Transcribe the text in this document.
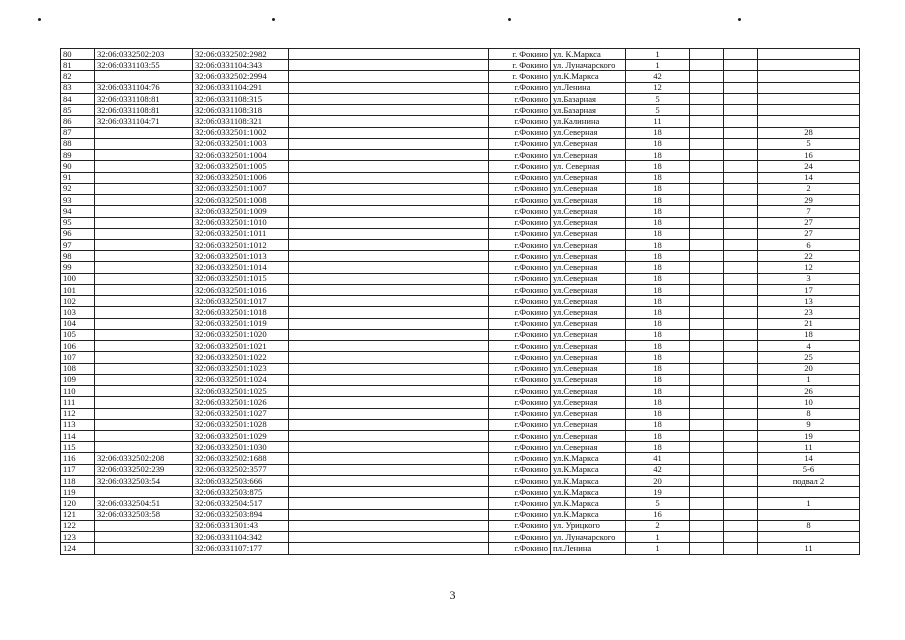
80	32:06:0332502:203	32:06:0332502:2982		г. Фокино	ул. К.Маркса	1			
81	32:06:0331103:55	32:06:0331104:343		г. Фокино	ул. Луначарского	1			
82		32:06:0332502:2994		г. Фокино	ул.К.Маркса	42			
83	32:06:0331104:76	32:06:0331104:291		г.Фокино	ул.Ленина	12			
84	32:06:0331108:81	32:06:0331108:315		г.Фокино	ул.Базарная	5			
85	32:06:0331108:81	32:06:0331108:318		г.Фокино	ул.Базарная	5			
86	32:06:0331104:71	32:06:0331108:321		г.Фокино	ул.Калинина	11			
87		32:06:0332501:1002		г.Фокино	ул.Северная	18			28
88		32:06:0332501:1003		г.Фокино	ул.Северная	18			5
89		32:06:0332501:1004		г.Фокино	ул.Северная	18			16
90		32:06:0332501:1005		г.Фокино	ул. Северная	18			24
91		32:06:0332501:1006		г.Фокино	ул.Северная	18			14
92		32:06:0332501:1007		г.Фокино	ул.Северная	18			2
93		32:06:0332501:1008		г.Фокино	ул.Северная	18			29
94		32:06:0332501:1009		г.Фокино	ул.Северная	18			7
95		32:06:0332501:1010		г.Фокино	ул.Северная	18			27
96		32:06:0332501:1011		г.Фокино	ул.Северная	18			27
97		32:06:0332501:1012		г.Фокино	ул.Северная	18			6
98		32:06:0332501:1013		г.Фокино	ул.Северная	18			22
99		32:06:0332501:1014		г.Фокино	ул.Северная	18			12
100		32:06:0332501:1015		г.Фокино	ул.Северная	18			3
101		32:06:0332501:1016		г.Фокино	ул.Северная	18			17
102		32:06:0332501:1017		г.Фокино	ул.Северная	18			13
103		32:06:0332501:1018		г.Фокино	ул.Северная	18			23
104		32:06:0332501:1019		г.Фокино	ул.Северная	18			21
105		32:06:0332501:1020		г.Фокино	ул.Северная	18			18
106		32:06:0332501:1021		г.Фокино	ул.Северная	18			4
107		32:06:0332501:1022		г.Фокино	ул.Северная	18			25
108		32:06:0332501:1023		г.Фокино	ул.Северная	18			20
109		32:06:0332501:1024		г.Фокино	ул.Северная	18			1
110		32:06:0332501:1025		г.Фокино	ул.Северная	18			26
111		32:06:0332501:1026		г.Фокино	ул.Северная	18			10
112		32:06:0332501:1027		г.Фокино	ул.Северная	18			8
113		32:06:0332501:1028		г.Фокино	ул.Северная	18			9
114		32:06:0332501:1029		г.Фокино	ул.Северная	18			19
115		32:06:0332501:1030		г.Фокино	ул.Северная	18			11
116	32:06:0332502:208	32:06:0332502:1688		г.Фокино	ул.К.Маркса	41			14
117	32:06:0332502:239	32:06:0332502:3577		г.Фокино	ул.К.Маркса	42			5-6
118	32:06:0332503:54	32:06:0332503:666		г.Фокино	ул.К.Маркса	20			подвал 2
119		32:06:0332503:875		г.Фокино	ул.К.Маркса	19			
120	32:06:0332504:51	32:06:0332504:517		г.Фокино	ул.К.Маркса	5			1
121	32:06:0332503:58	32:06:0332503:894		г.Фокино	ул.К.Маркса	16			
122		32:06:0331301:43		г.Фокино	ул. Урицкого	2			8
123		32:06:0331104:342		г.Фокино	ул. Луначарского	1			
124		32:06:0331107:177		г.Фокино	пл.Ленина	1			11
3
